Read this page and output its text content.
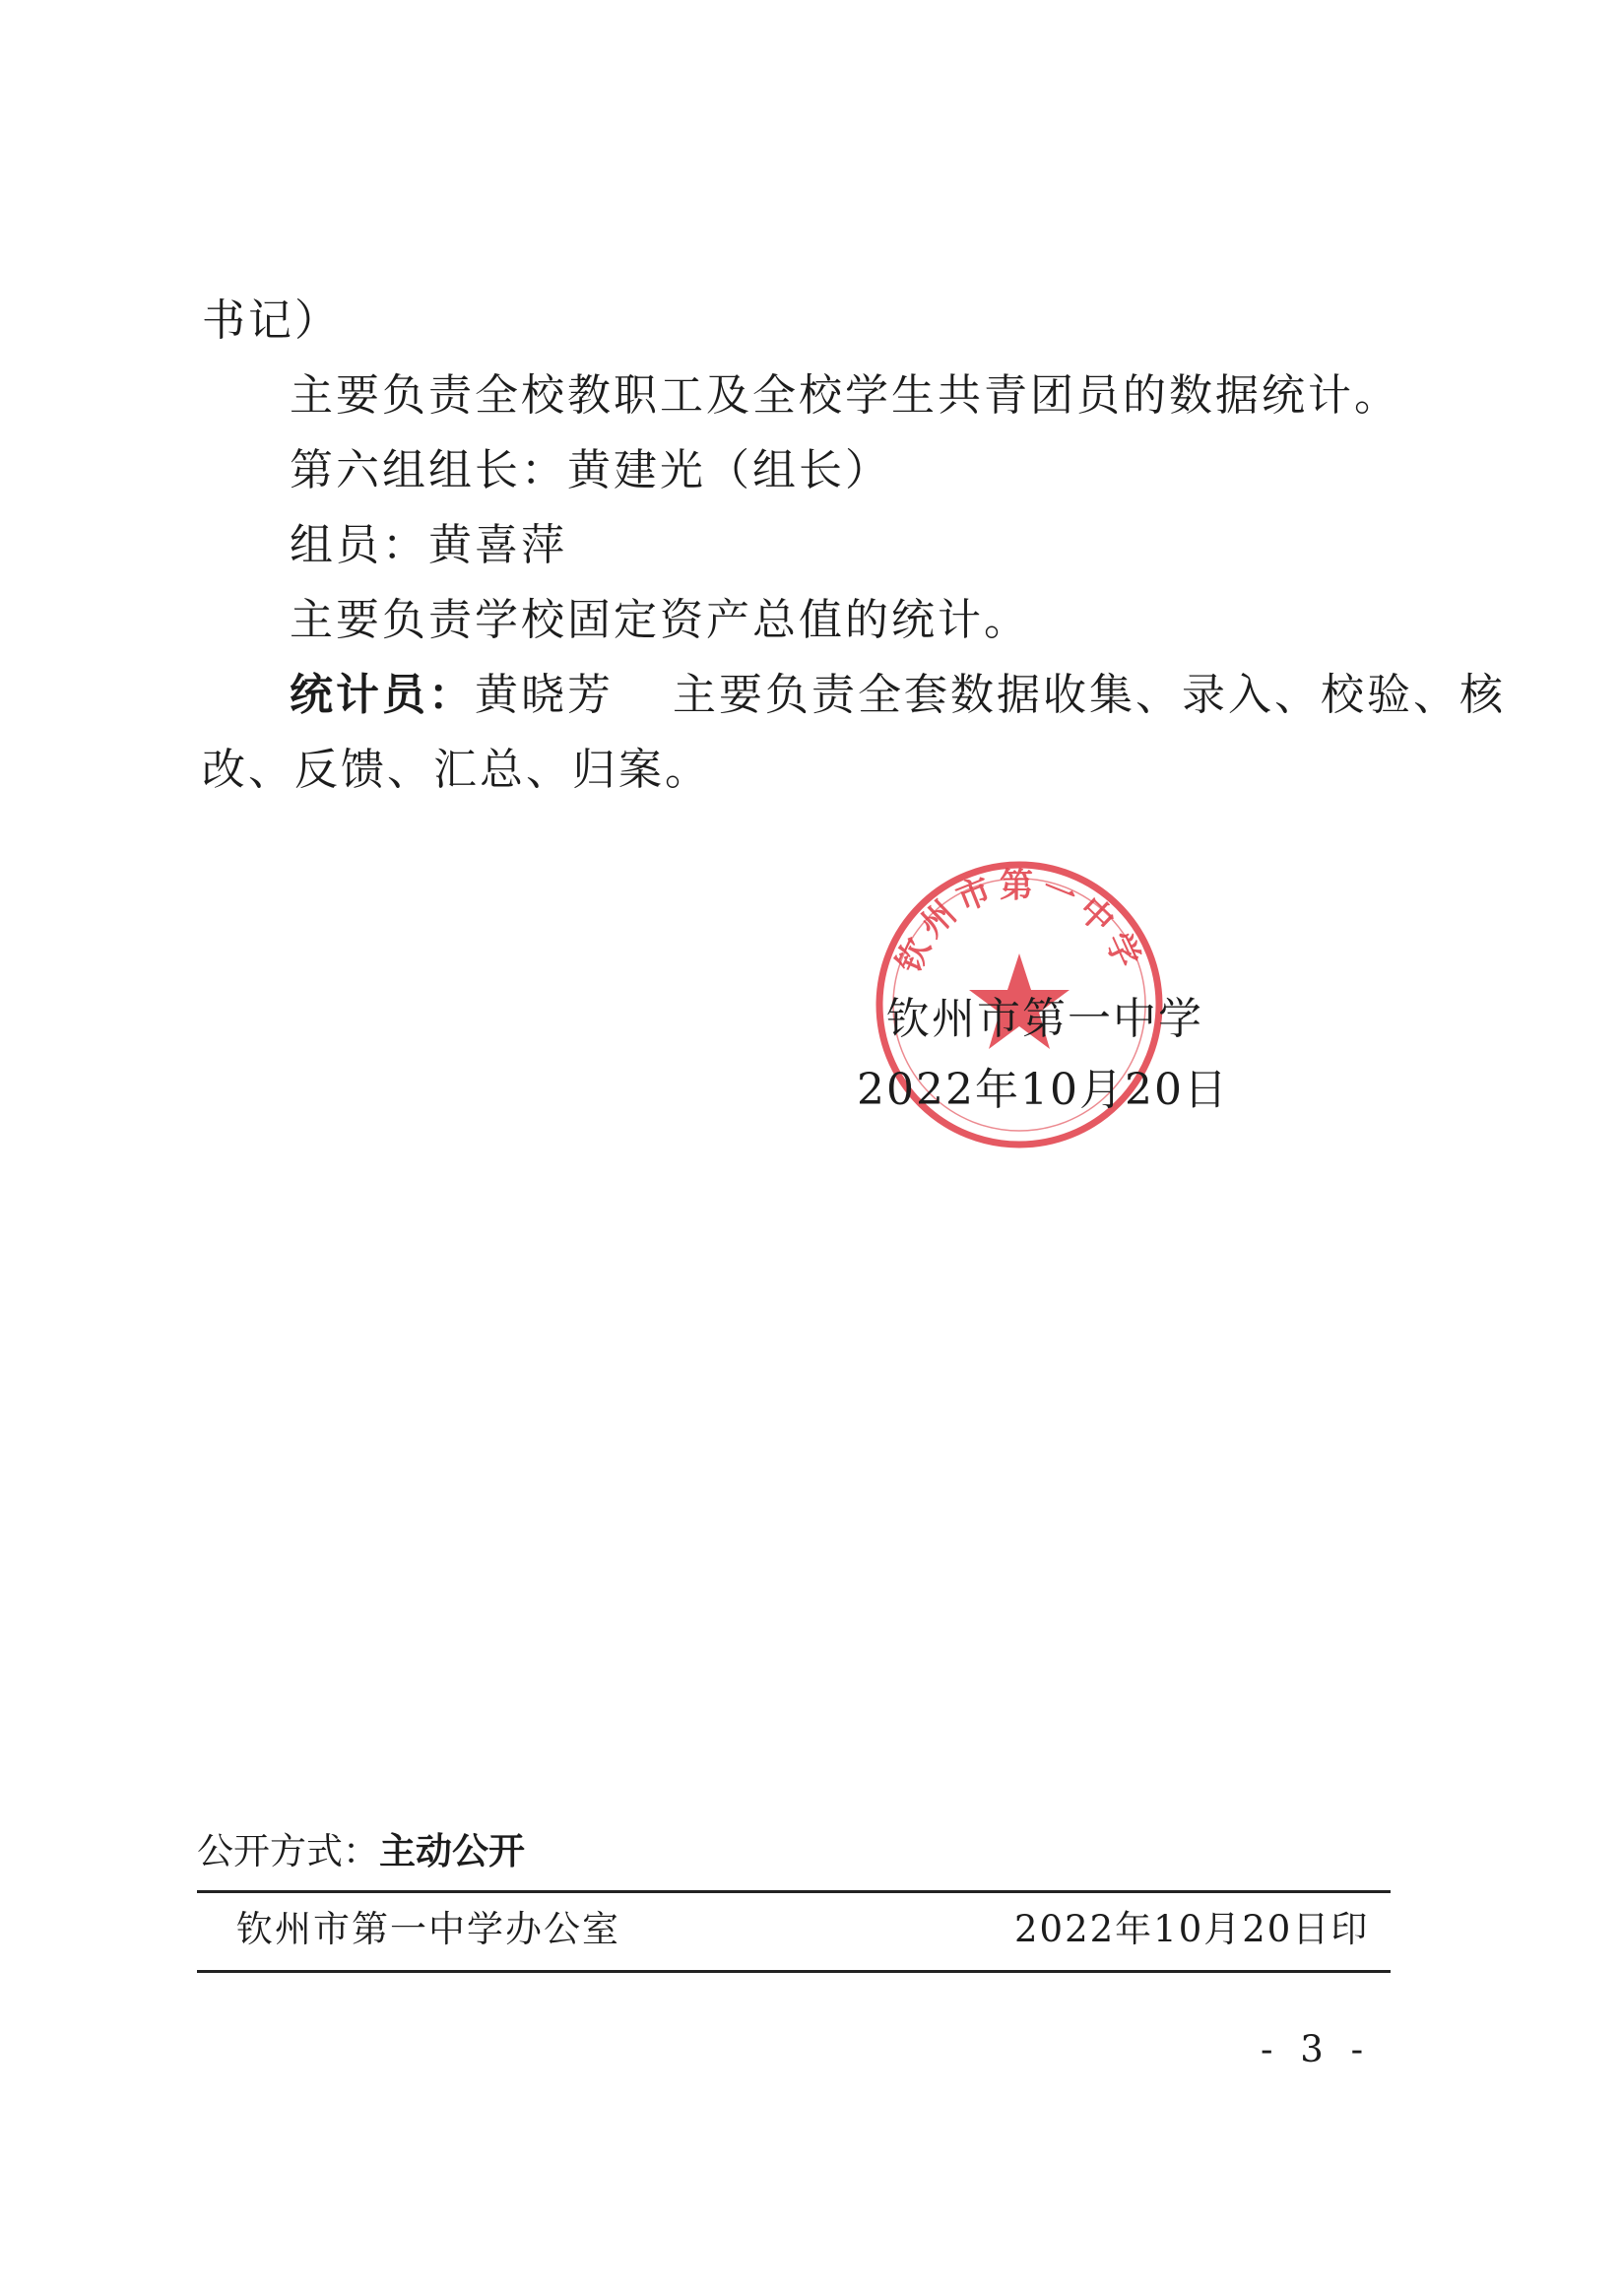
书记）
主要负责全校教职工及全校学生共青团员的数据统计。
第六组组长：黄建光（组长）
组员：黄喜萍
主要负责学校固定资产总值的统计。
统计员：黄晓芳 主要负责全套数据收集、录入、校验、核
改、反馈、汇总、归案。
钦州市第一中学
钦州市第一中学
2022年10月20日
公开方式：主动公开
钦州市第一中学办公室	2022年10月20日印
- 3 -
